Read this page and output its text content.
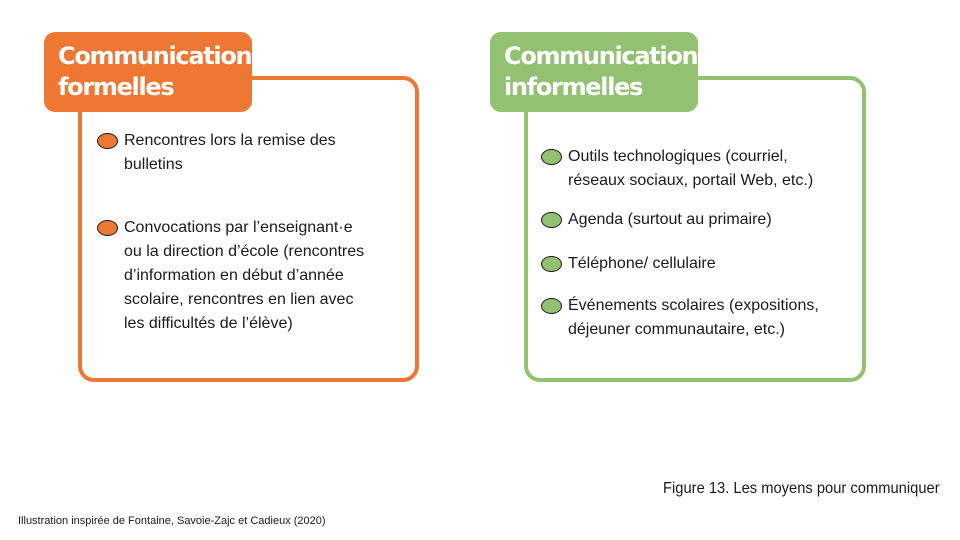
Communications
formelles
Rencontres lors la remise des
bulletins
Convocations par l’enseignant·e
ou la direction d’école (rencontres
d’information en début d’année
scolaire, rencontres en lien avec
les difficultés de l’élève)
Communications
informelles
Outils technologiques (courriel,
réseaux sociaux, portail Web, etc.)
Agenda (surtout au primaire)
Téléphone/ cellulaire
Événements scolaires (expositions,
déjeuner communautaire, etc.)
Figure 13. Les moyens pour communiquer
Illustration inspirée de Fontaine, Savoie-Zajc et Cadieux (2020)
